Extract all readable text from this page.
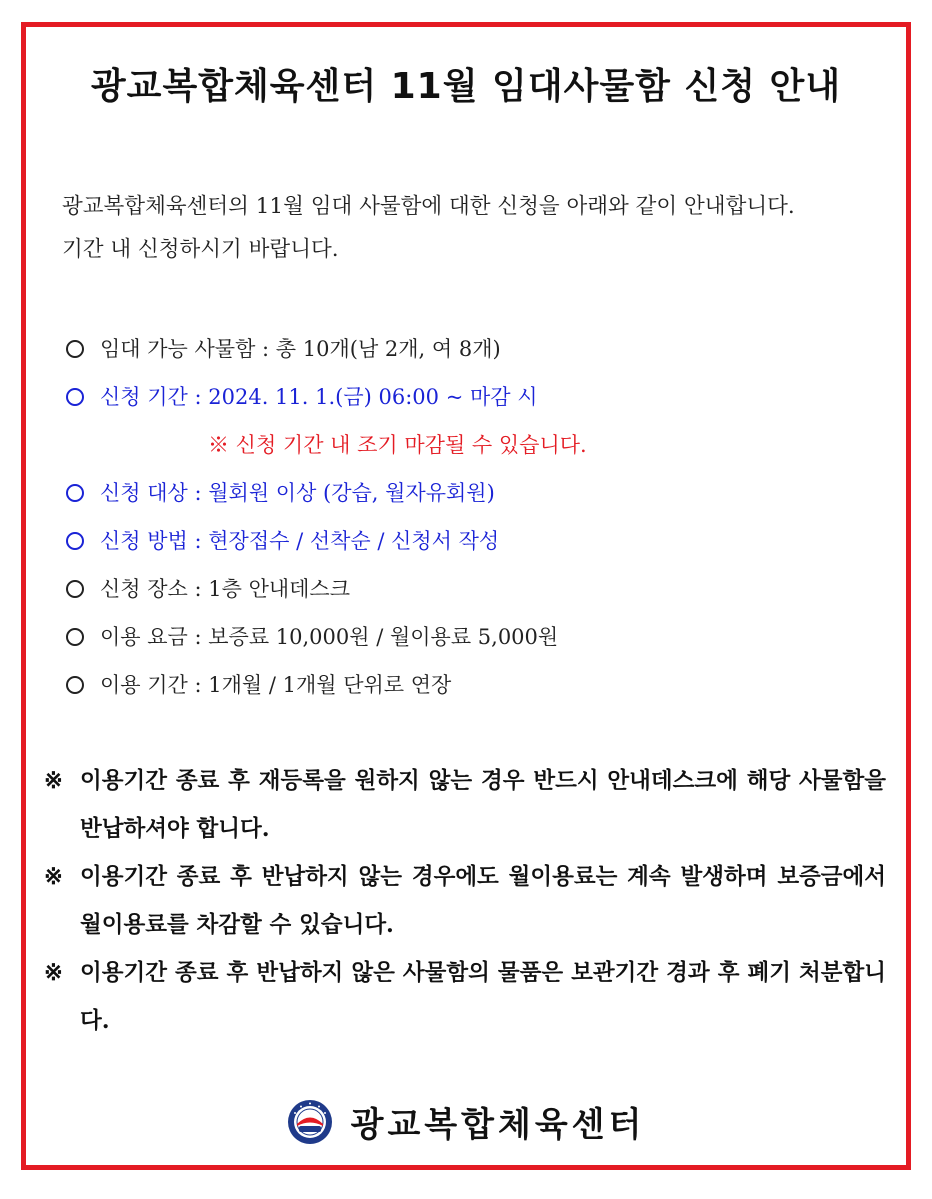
광교복합체육센터 11월 임대사물함 신청 안내
광교복합체육센터의 11월 임대 사물함에 대한 신청을 아래와 같이 안내합니다.
기간 내 신청하시기 바랍니다.
임대 가능 사물함 : 총 10개(남 2개, 여 8개)
신청 기간 : 2024. 11. 1.(금) 06:00 ~ 마감 시
※ 신청 기간 내 조기 마감될 수 있습니다.
신청 대상 : 월회원 이상 (강습, 월자유회원)
신청 방법 : 현장접수 / 선착순 / 신청서 작성
신청 장소 : 1층 안내데스크
이용 요금 : 보증료 10,000원 / 월이용료 5,000원
이용 기간 : 1개월 / 1개월 단위로 연장
※ 이용기간 종료 후 재등록을 원하지 않는 경우 반드시 안내데스크에 해당 사물함을 반납하셔야 합니다.
※ 이용기간 종료 후 반납하지 않는 경우에도 월이용료는 계속 발생하며 보증금에서 월이용료를 차감할 수 있습니다.
※ 이용기간 종료 후 반납하지 않은 사물함의 물품은 보관기간 경과 후 폐기 처분합니다.
광교복합체육센터
